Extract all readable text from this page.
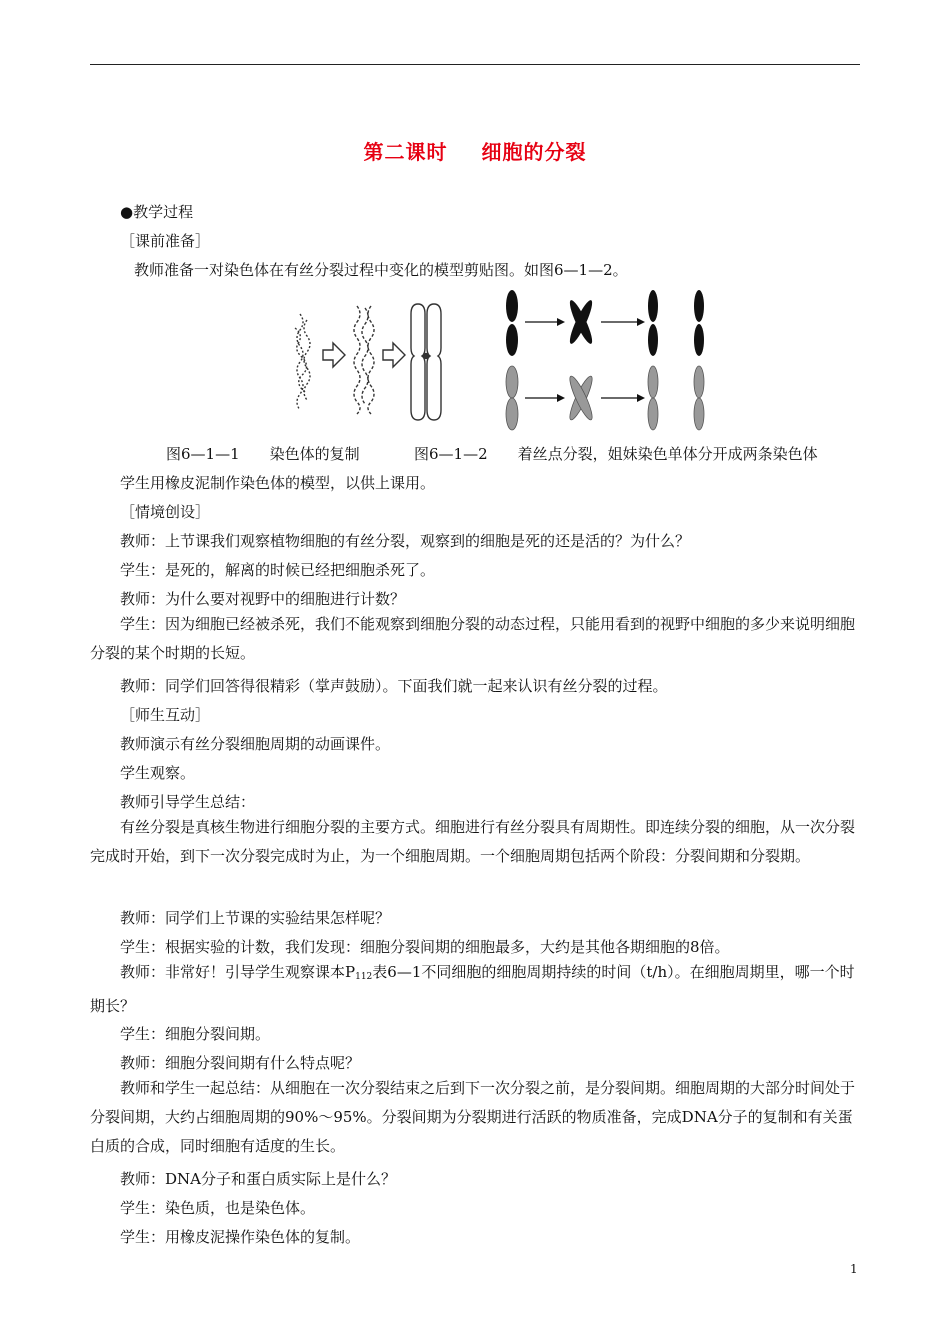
第二课时 细胞的分裂
●教学过程
［课前准备］
教师准备一对染色体在有丝分裂过程中变化的模型剪贴图。如图6—1—2。
图6—1—1　　染色体的复制	图6—1—2　　着丝点分裂，姐妹染色单体分开成两条染色体
学生用橡皮泥制作染色体的模型，以供上课用。
［情境创设］
教师：上节课我们观察植物细胞的有丝分裂，观察到的细胞是死的还是活的？为什么？
学生：是死的，解离的时候已经把细胞杀死了。
教师：为什么要对视野中的细胞进行计数？
学生：因为细胞已经被杀死，我们不能观察到细胞分裂的动态过程，只能用看到的视野中细胞的多少来说明细胞分裂的某个时期的长短。
教师：同学们回答得很精彩（掌声鼓励）。下面我们就一起来认识有丝分裂的过程。
［师生互动］
教师演示有丝分裂细胞周期的动画课件。
学生观察。
教师引导学生总结：
有丝分裂是真核生物进行细胞分裂的主要方式。细胞进行有丝分裂具有周期性。即连续分裂的细胞，从一次分裂完成时开始，到下一次分裂完成时为止，为一个细胞周期。一个细胞周期包括两个阶段：分裂间期和分裂期。
教师：同学们上节课的实验结果怎样呢？
学生：根据实验的计数，我们发现：细胞分裂间期的细胞最多，大约是其他各期细胞的8倍。
教师：非常好！引导学生观察课本$P_{112}$表6—1不同细胞的细胞周期持续的时间（t/h）。在细胞周期里，哪一个时期长？
学生：细胞分裂间期。
教师：细胞分裂间期有什么特点呢？
教师和学生一起总结：从细胞在一次分裂结束之后到下一次分裂之前，是分裂间期。细胞周期的大部分时间处于分裂间期，大约占细胞周期的90%～95%。分裂间期为分裂期进行活跃的物质准备，完成DNA分子的复制和有关蛋白质的合成，同时细胞有适度的生长。
教师：DNA分子和蛋白质实际上是什么？
学生：染色质，也是染色体。
学生：用橡皮泥操作染色体的复制。
1
